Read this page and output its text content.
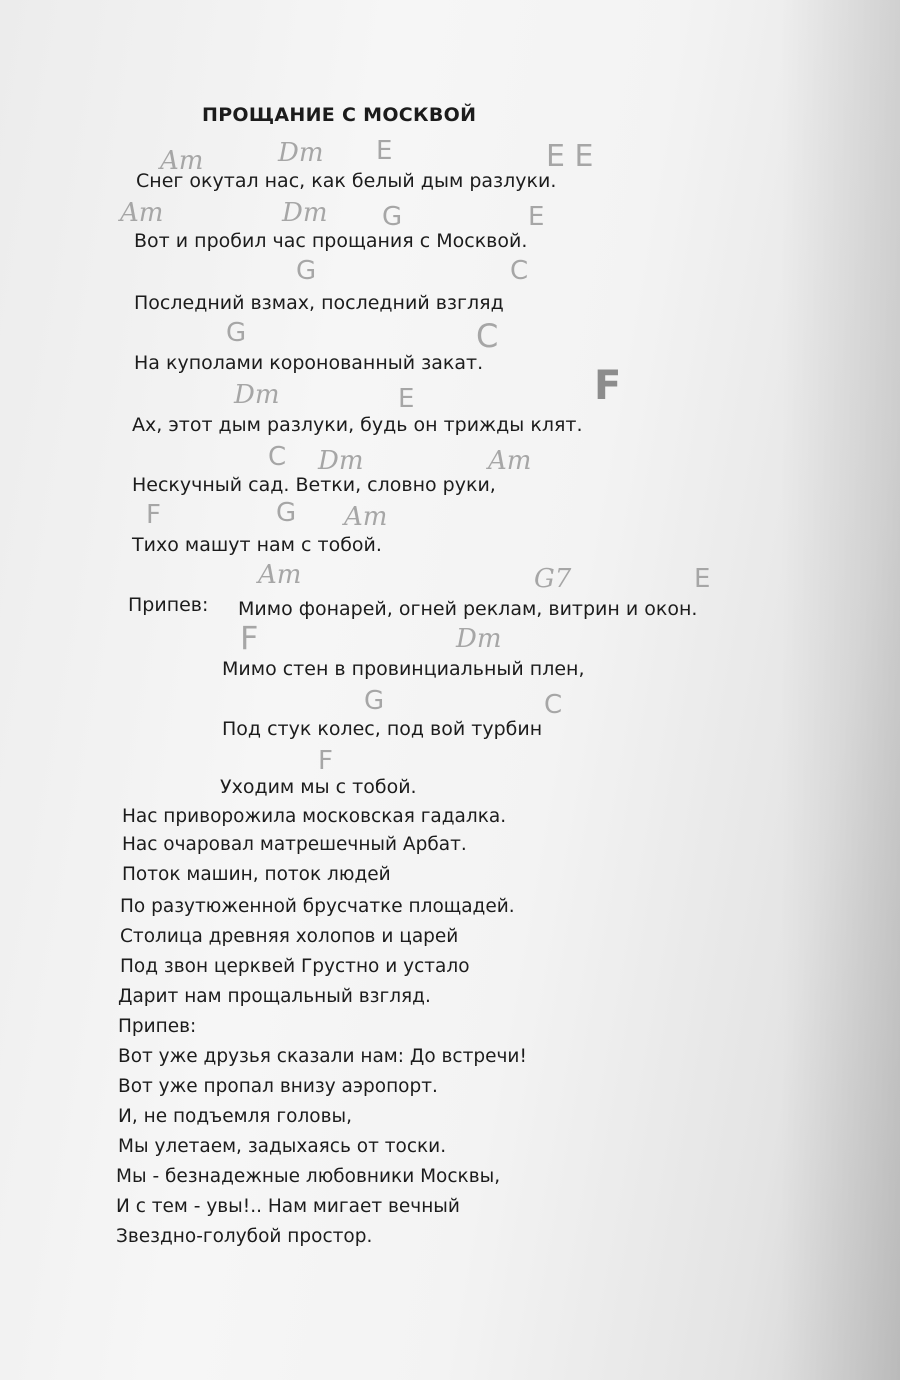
ПРОЩАНИЕ С МОСКВОЙ
Am	Dm E	E E
Снег окутал нас, как белый дым разлуки.
Am	Dm G	E
Вот и пробил час прощания с Москвой.
G	C
Последний взмах, последний взгляд
G	C
На куполами коронованный закат.	F
Dm	E
Ах, этот дым разлуки, будь он трижды клят.
C Dm	Am
Нескучный сад. Ветки, словно руки,
F	G Am
Тихо машут нам с тобой.
Am	G7	E
Припев: Мимо фонарей, огней реклам, витрин и окон.
F	Dm
Мимо стен в провинциальный плен,
G	C
Под стук колес, под вой турбин
F
Уходим мы с тобой.
Нас приворожила московская гадалка.
Нас очаровал матрешечный Арбат.
Поток машин, поток людей
По разутюженной брусчатке площадей.
Столица древняя холопов и царей
Под звон церквей Грустно и устало
Дарит нам прощальный взгляд.
Припев:
Вот уже друзья сказали нам: До встречи!
Вот уже пропал внизу аэропорт.
И, не подъемля головы,
Мы улетаем, задыхаясь от тоски.
Мы - безнадежные любовники Москвы,
И с тем - увы!.. Нам мигает вечный
Звездно-голубой простор.
